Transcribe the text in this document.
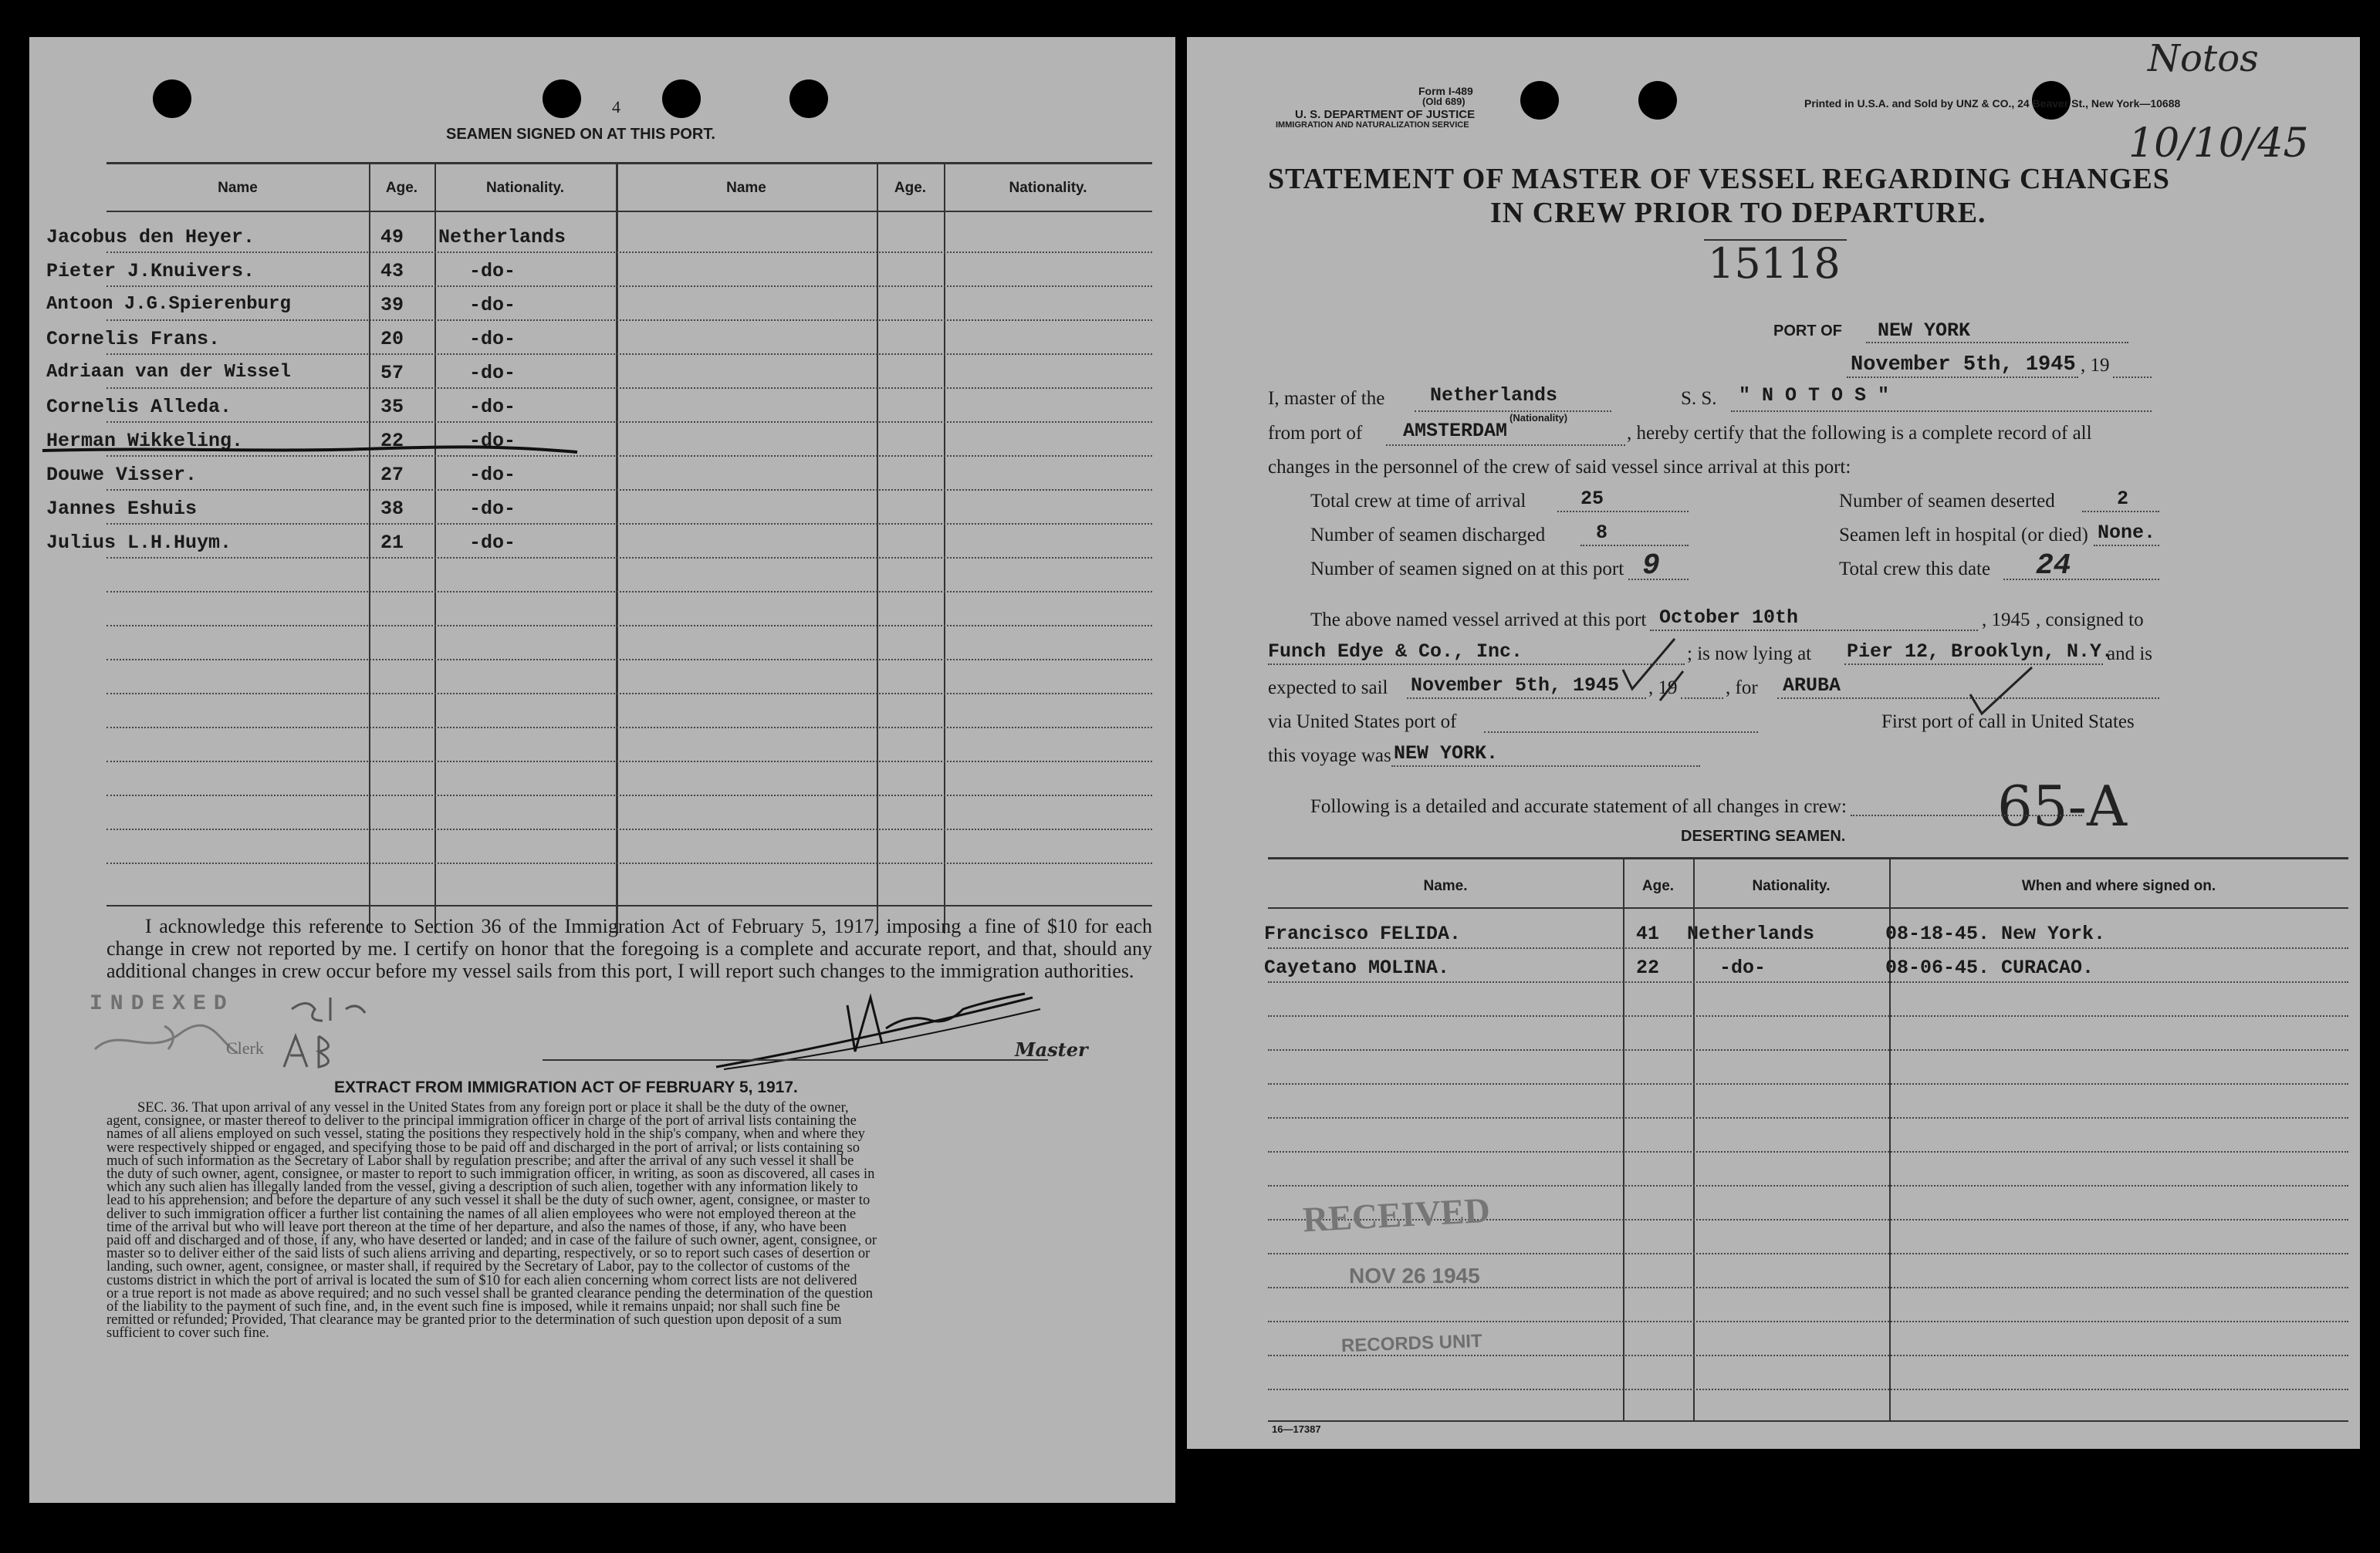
4
SEAMEN SIGNED ON AT THIS PORT.
Name	Age.	Nationality.	Name	Age.	Nationality.
Jacobus den Heyer.	49 Netherlands
Pieter J.Knuivers.	43	-do-
Antoon J.G.Spierenburg	39	-do-
Cornelis Frans.	20	-do-
Adriaan van der Wissel	57	-do-
Cornelis Alleda.	35	-do-
Herman Wikkeling.	22	-do-
Douwe Visser.	27	-do-
Jannes Eshuis	38	-do-
Julius L.H.Huym.	21	-do-
I acknowledge this reference to Section 36 of the Immigration Act of February 5, 1917, imposing a fine of $10 for each change in crew not reported by me. I certify on honor that the foregoing is a complete and accurate report, and that, should any additional changes in crew occur before my vessel sails from this port, I will report such changes to the immigration authorities.
INDEXED
Clerk	Master
EXTRACT FROM IMMIGRATION ACT OF FEBRUARY 5, 1917.
SEC. 36. That upon arrival of any vessel in the United States from any foreign port or place it shall be the duty of the owner,
agent, consignee, or master thereof to deliver to the principal immigration officer in charge of the port of arrival lists containing the
names of all aliens employed on such vessel, stating the positions they respectively hold in the ship's company, when and where they
were respectively shipped or engaged, and specifying those to be paid off and discharged in the port of arrival; or lists containing so
much of such information as the Secretary of Labor shall by regulation prescribe; and after the arrival of any such vessel it shall be
the duty of such owner, agent, consignee, or master to report to such immigration officer, in writing, as soon as discovered, all cases in
which any such alien has illegally landed from the vessel, giving a description of such alien, together with any information likely to
lead to his apprehension; and before the departure of any such vessel it shall be the duty of such owner, agent, consignee, or master to
deliver to such immigration officer a further list containing the names of all alien employees who were not employed thereon at the
time of the arrival but who will leave port thereon at the time of her departure, and also the names of those, if any, who have been
paid off and discharged and of those, if any, who have deserted or landed; and in case of the failure of such owner, agent, consignee, or
master so to deliver either of the said lists of such aliens arriving and departing, respectively, or so to report such cases of desertion or
landing, such owner, agent, consignee, or master shall, if required by the Secretary of Labor, pay to the collector of customs of the
customs district in which the port of arrival is located the sum of $10 for each alien concerning whom correct lists are not delivered
or a true report is not made as above required; and no such vessel shall be granted clearance pending the determination of the question
of the liability to the payment of such fine, and, in the event such fine is imposed, while it remains unpaid; nor shall such fine be
remitted or refunded; Provided, That clearance may be granted prior to the determination of such question upon deposit of a sum
sufficient to cover such fine.
Form I-489
(Old 689)
U. S. DEPARTMENT OF JUSTICE
IMMIGRATION AND NATURALIZATION SERVICE
Printed in U.S.A. and Sold by UNZ & CO., 24 Beaver St., New York—10688
Notos
10/10/45
STATEMENT OF MASTER OF VESSEL REGARDING CHANGES
IN CREW PRIOR TO DEPARTURE.
15118
PORT OF NEW YORK
November 5th, 1945 , 19
I, master of the Netherlands
(Nationality)
S. S. " N O T O S "
from port of AMSTERDAM	, hereby certify that the following is a complete record of all
changes in the personnel of the crew of said vessel since arrival at this port:
Total crew at time of arrival	25	Number of seamen deserted	2
Number of seamen discharged	8	Seamen left in hospital (or died) None.
Number of seamen signed on at this port 9	Total crew this date 24
The above named vessel arrived at this port October 10th	, 1945 , consigned to
Funch Edye & Co., Inc.	; is now lying at Pier 12, Brooklyn, N.Y.
and is
expected to sail November 5th, 1945 , 19	, for ARUBA
via United States port of	First port of call in United States
this voyage was NEW YORK.
65-A
Following is a detailed and accurate statement of all changes in crew:
DESERTING SEAMEN.
Name.	Age.	Nationality.	When and where signed on.
Francisco FELIDA.	41 Netherlands	08-18-45. New York.
Cayetano MOLINA.	22	-do-	08-06-45. CURACAO.
RECEIVED
NOV 26 1945
RECORDS UNIT
16—17387
